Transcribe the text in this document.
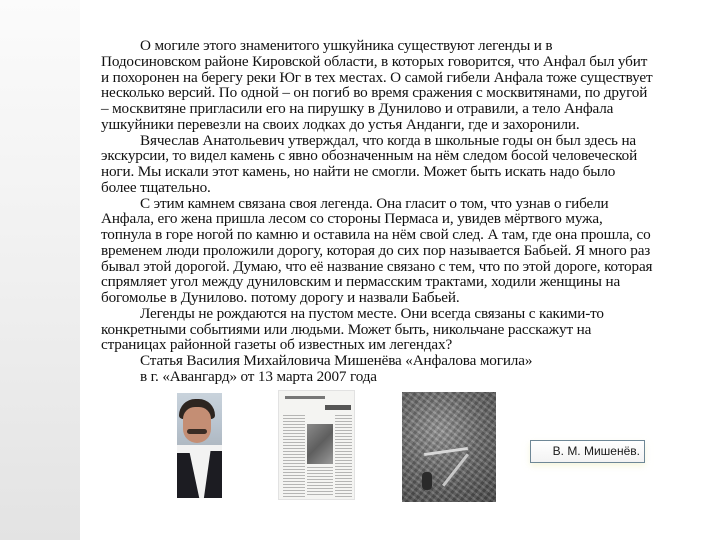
О могиле этого знаменитого ушкуйника существуют легенды и в
Подосиновском районе Кировской области, в которых говорится, что Анфал был убит
и похоронен на берегу реки Юг в тех местах. О самой гибели Анфала тоже существует
несколько версий. По одной – он погиб во время сражения с москвитянами, по другой
– москвитяне пригласили его на пирушку в Дунилово и отравили, а тело Анфала
ушкуйники перевезли на своих лодках до устья Анданги, где и захоронили.
Вячеслав Анатольевич утверждал, что когда в школьные годы он был здесь на
экскурсии, то видел камень с явно обозначенным на нём следом босой человеческой
ноги. Мы искали этот камень, но найти не смогли. Может быть искать надо было
более тщательно.
С этим камнем связана своя легенда. Она гласит о том, что узнав о гибели
Анфала, его жена пришла лесом со стороны Пермаса и, увидев мёртвого мужа,
топнула в горе ногой по камню и оставила на нём свой след. А там, где она прошла, со
временем люди проложили дорогу, которая до сих пор называется Бабьей. Я много раз
бывал этой дорогой. Думаю, что её название связано с тем, что по этой дороге, которая
спрямляет угол между дуниловским и пермасским трактами, ходили женщины на
богомолье в Дунилово. потому дорогу и назвали Бабьей.
Легенды не рождаются на пустом месте. Они всегда связаны с какими-то
конкретными событиями или людьми. Может быть, никольчане расскажут на
страницах районной газеты об известных им легендах?
Статья Василия Михайловича Мишенёва «Анфалова могила»
в г. «Авангард» от 13 марта 2007 года
В. М. Мишенёв.
